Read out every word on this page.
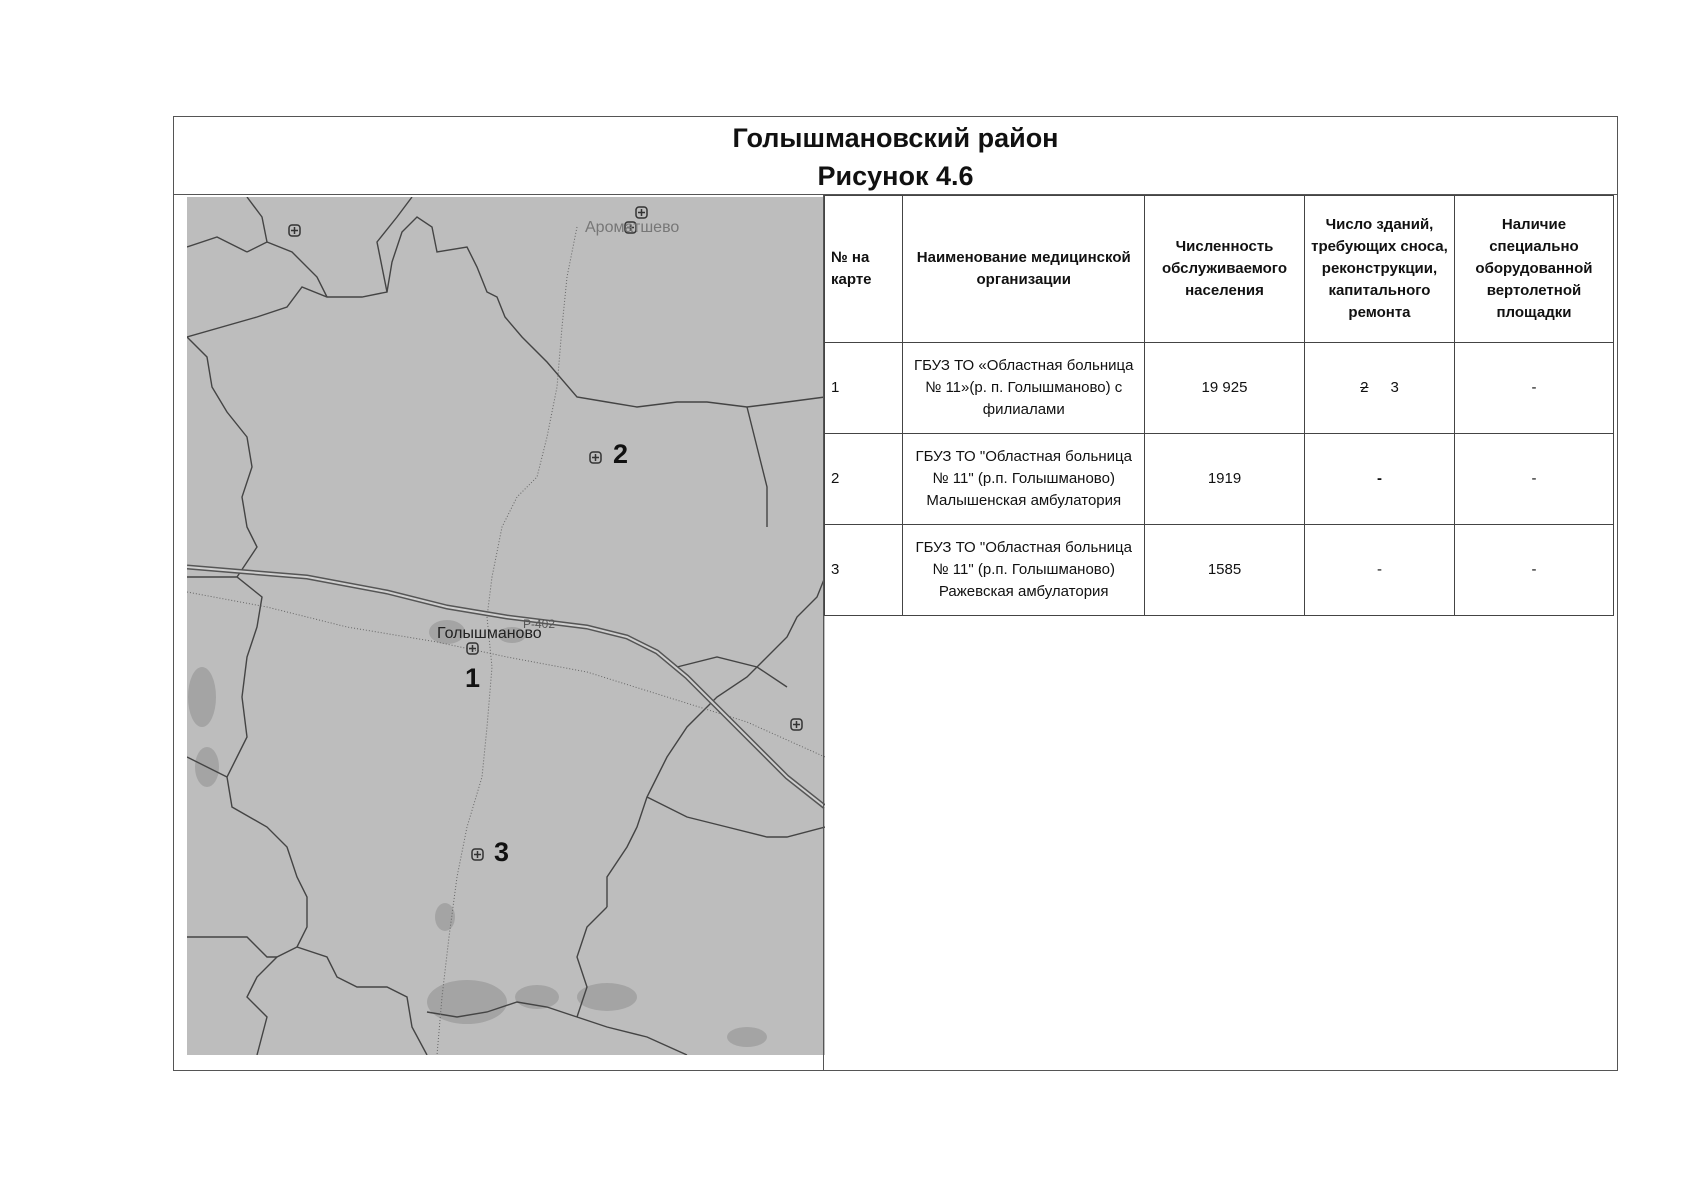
Голышмановский район
Рисунок 4.6
Ароматшево
Р-402
Голышманово
1
2
3
№ на карте	Наименование медицинской организации	Численность обслуживаемого населения	Число зданий, требующих сноса, реконструкции, капитального ремонта	Наличие специально оборудованной вертолетной площадки
1	ГБУЗ ТО «Областная больница № 11»(р. п. Голышманово) с филиалами	19 925	2 3	-
2	ГБУЗ ТО "Областная больница № 11" (р.п. Голышманово) Малышенская амбулатория	1919	-	-
3	ГБУЗ ТО "Областная больница № 11" (р.п. Голышманово) Ражевская амбулатория	1585	-	-
